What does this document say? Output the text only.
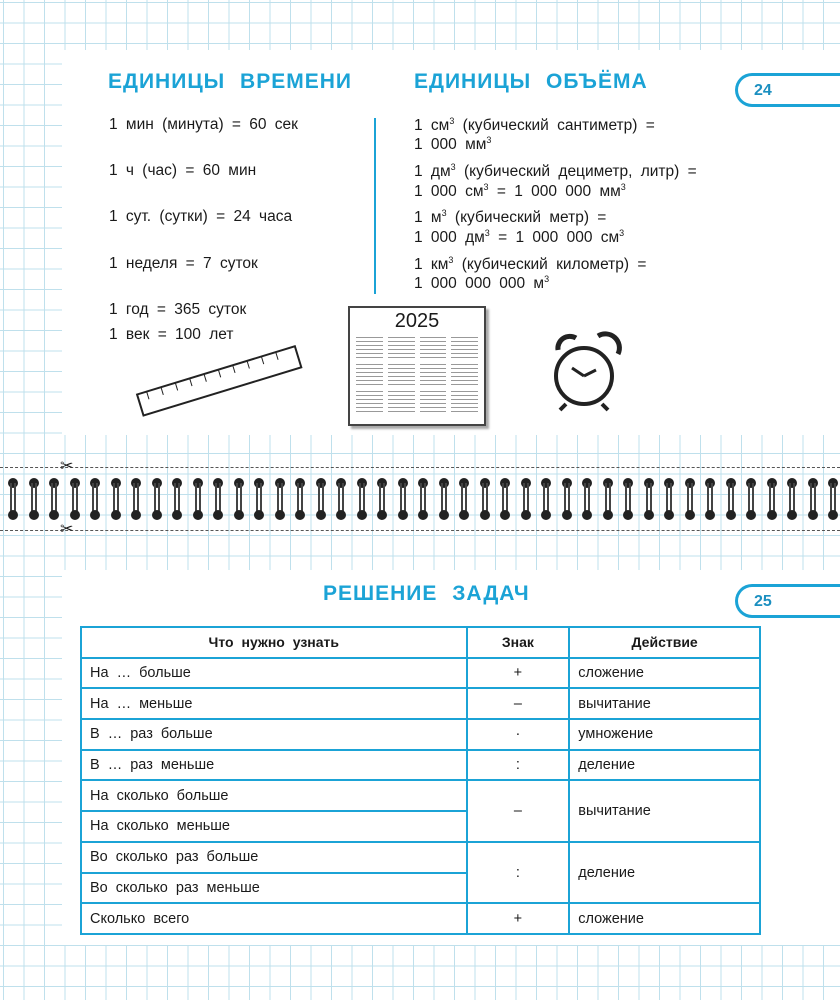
24
ЕДИНИЦЫ ВРЕМЕНИ	ЕДИНИЦЫ ОБЪЁМА
1 мин (минута) = 60 сек
1 ч (час) = 60 мин
1 сут. (сутки) = 24 часа
1 неделя = 7 суток
1 год = 365 суток
1 век = 100 лет
1 $см^3$ (кубический сантиметр) =
1 000 $мм^3$
1 $дм^3$ (кубический дециметр, литр) =
1 000 $см^3 = 1$ 000 000 $мм^3$
1 $м^3$ (кубический метр) =
1 000 $дм^3 = 1$ 000 000 $см^3$
1 $км^3$ (кубический километр) =
1 000 000 000 $м^3$
2025
✂
✂
25
РЕШЕНИЕ ЗАДАЧ
Что нужно узнать	Знак	Действие
На … больше	+	сложение
На … меньше	–	вычитание
В … раз больше	·	умножение
В … раз меньше	:	деление
На сколько больше	–	вычитание
На сколько меньше		
Во сколько раз больше	:	деление
Во сколько раз меньше		
Сколько всего	+	сложение
